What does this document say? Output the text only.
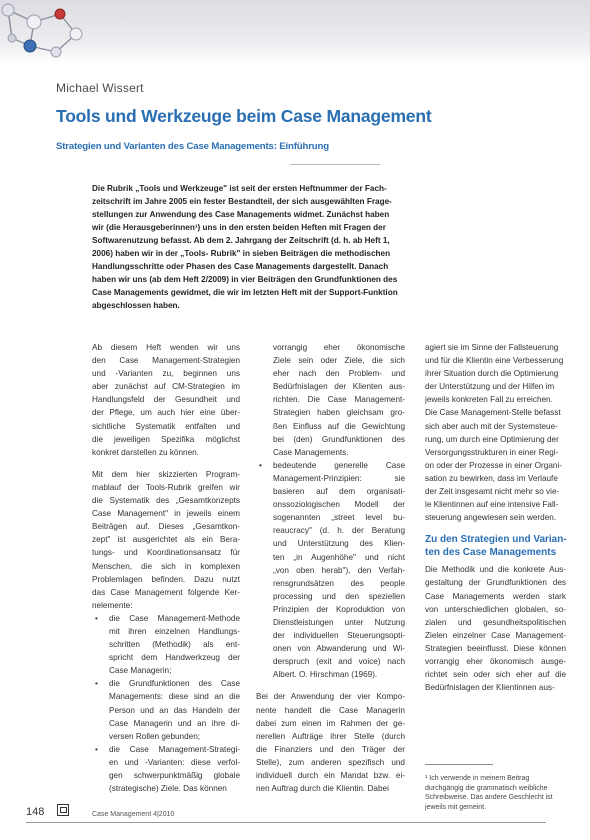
Michael Wissert
Tools und Werkzeuge beim Case Management
Strategien und Varianten des Case Managements: Einführung
Die Rubrik „Tools und Werkzeuge" ist seit der ersten Heftnummer der Fach-
zeitschrift im Jahre 2005 ein fester Bestandteil, der sich ausgewählten Frage-
stellungen zur Anwendung des Case Managements widmet. Zunächst haben
wir (die Herausgeberinnen¹) uns in den ersten beiden Heften mit Fragen der
Softwarenutzung befasst. Ab dem 2. Jahrgang der Zeitschrift (d. h. ab Heft 1,
2006) haben wir in der „Tools- Rubrik" in sieben Beiträgen die methodischen
Handlungsschritte oder Phasen des Case Managements dargestellt. Danach
haben wir uns (ab dem Heft 2/2009) in vier Beiträgen den Grundfunktionen des
Case Managements gewidmet, die wir im letzten Heft mit der Support-Funktion
abgeschlossen haben.
Ab diesem Heft wenden wir uns
den Case Management-Strategien
und -Varianten zu, beginnen uns
aber zunächst auf CM-Strategien im
Handlungsfeld der Gesundheit und
der Pflege, um auch hier eine über-
sichtliche Systematik entfalten und
die jeweiligen Spezifika möglichst
konkret darstellen zu können.
Mit dem hier skizzierten Program-
mablauf der Tools-Rubrik greifen wir
die Systematik des „Gesamtkonzepts
Case Management" in jeweils einem
Beiträgen auf. Dieses „Gesamtkon-
zept" ist ausgerichtet als ein Bera-
tungs- und Koordinationsansatz für
Menschen, die sich in komplexen
Problemlagen befinden. Dazu nutzt
das Case Management folgende Ker-
nelemente:
• die Case Management-Methode
mit ihren einzelnen Handlungs-
schritten (Methodik) als ent-
spricht dem Handwerkzeug der
Case Managerin;
• die Grundfunktionen des Case
Managements: diese sind an die
Person und an das Handeln der
Case Managerin und an ihre di-
versen Rollen gebunden;
• die Case Management-Strategi-
en und -Varianten: diese verfol-
gen schwerpunktmäßig globale
(strategische) Ziele. Das können
vorrangig eher ökonomische
Ziele sein oder Ziele, die sich
eher nach den Problem- und
Bedürfnislagen der Klienten aus-
richten. Die Case Management-
Strategien haben gleichsam gro-
ßen Einfluss auf die Gewichtung
bei (den) Grundfunktionen des
Case Managements.
• bedeutende generelle Case
Management-Prinzipien: sie
basieren auf dem organisati-
onssoziologischen Modell der
sogenannten „street level bu-
reaucracy" (d. h. der Beratung
und Unterstützung des Klien-
ten „in Augenhöhe" und nicht
„von oben herab"), den Verfah-
rensgrundsätzen des people
processing und den speziellen
Prinzipien der Koproduktion von
Dienstleistungen unter Nutzung
der individuellen Steuerungsopti-
onen von Abwanderung und Wi-
derspruch (exit and voice) nach
Albert. O. Hirschman (1969).
Bei der Anwendung der vier Kompo-
nente handelt die Case Managerin
dabei zum einen im Rahmen der ge-
nerellen Aufträge ihrer Stelle (durch
die Finanziers und den Träger der
Stelle), zum anderen spezifisch und
individuell durch ein Mandat bzw. ei-
nen Auftrag durch die Klientin. Dabei
agiert sie im Sinne der Fallsteuerung
und für die Klientin eine Verbesserung
ihrer Situation durch die Optimierung
der Unterstützung und der Hilfen im
jeweils konkreten Fall zu erreichen.
Die Case Management-Stelle befasst
sich aber auch mit der Systemsteue-
rung, um durch eine Optimierung der
Versorgungsstrukturen in einer Regi-
on oder der Prozesse in einer Organi-
sation zu bewirken, dass im Verlaufe
der Zeit insgesamt nicht mehr so vie-
le Klientinnen auf eine intensive Fall-
steuerung angewiesen sein werden.
Zu den Strategien und Varian-
ten des Case Managements
Die Methodik und die konkrete Aus-
gestaltung der Grundfunktionen des
Case Managements werden stark
von unterschiedlichen globalen, so-
zialen und gesundheitspolitischen
Zielen einzelner Case Management-
Strategien beeinflusst. Diese können
vorrangig eher ökonomisch ausge-
richtet sein oder sich eher auf die
Bedürfnislagen der Klientinnen aus-
¹ Ich verwende in meinem Beitrag
durchgängig die grammatisch weibliche
Schreibweise. Das andere Geschlecht ist
jeweils mit gemeint.
148	Case Management 4|2010
